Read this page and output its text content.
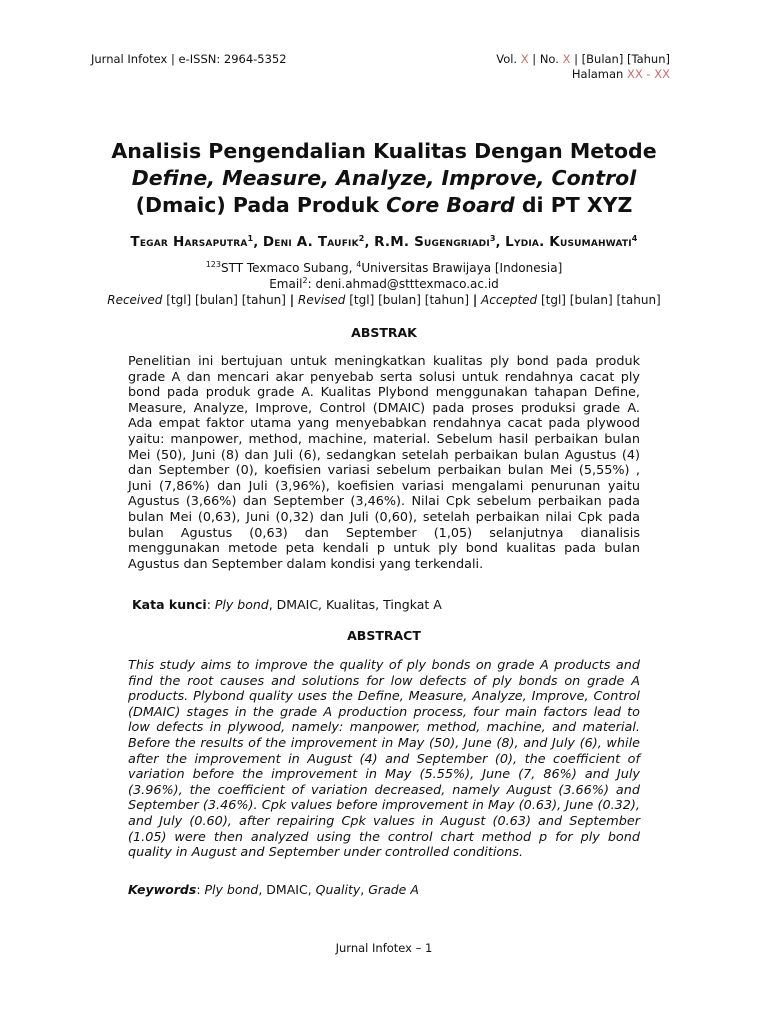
Jurnal Infotex | e-ISSN: 2964-5352	Vol. X | No. X | [Bulan] [Tahun]
Halaman XX - XX
Analisis Pengendalian Kualitas Dengan Metode
Define, Measure, Analyze, Improve, Control
(Dmaic) Pada Produk Core Board di PT XYZ
Tegar Harsaputra$^1$, Deni A. Taufik$^2$, R.M. Sugengriadi$^3$, Lydia. Kusumahwati$^4$
$^{123}$STT Texmaco Subang, $^4$Universitas Brawijaya [Indonesia]
Email$^2$: deni.ahmad@stttexmaco.ac.id
Received [tgl] [bulan] [tahun] | Revised [tgl] [bulan] [tahun] | Accepted [tgl] [bulan] [tahun]
ABSTRAK
Penelitian ini bertujuan untuk meningkatkan kualitas ply bond pada produk grade A dan mencari akar penyebab serta solusi untuk rendahnya cacat ply bond pada produk grade A. Kualitas Plybond menggunakan tahapan Define, Measure, Analyze, Improve, Control (DMAIC) pada proses produksi grade A. Ada empat faktor utama yang menyebabkan rendahnya cacat pada plywood yaitu: manpower, method, machine, material. Sebelum hasil perbaikan bulan Mei (50), Juni (8) dan Juli (6), sedangkan setelah perbaikan bulan Agustus (4) dan September (0), koefisien variasi sebelum perbaikan bulan Mei (5,55%) , Juni (7,86%) dan Juli (3,96%), koefisien variasi mengalami penurunan yaitu Agustus (3,66%) dan September (3,46%). Nilai Cpk sebelum perbaikan pada bulan Mei (0,63), Juni (0,32) dan Juli (0,60), setelah perbaikan nilai Cpk pada bulan Agustus (0,63) dan September (1,05) selanjutnya dianalisis menggunakan metode peta kendali p untuk ply bond kualitas pada bulan Agustus dan September dalam kondisi yang terkendali.
Kata kunci: Ply bond, DMAIC, Kualitas, Tingkat A
ABSTRACT
This study aims to improve the quality of ply bonds on grade A products and find the root causes and solutions for low defects of ply bonds on grade A products. Plybond quality uses the Define, Measure, Analyze, Improve, Control (DMAIC) stages in the grade A production process, four main factors lead to low defects in plywood, namely: manpower, method, machine, and material. Before the results of the improvement in May (50), June (8), and July (6), while after the improvement in August (4) and September (0), the coefficient of variation before the improvement in May (5.55%), June (7, 86%) and July (3.96%), the coefficient of variation decreased, namely August (3.66%) and September (3.46%). Cpk values before improvement in May (0.63), June (0.32), and July (0.60), after repairing Cpk values in August (0.63) and September (1.05) were then analyzed using the control chart method p for ply bond quality in August and September under controlled conditions.
Keywords: Ply bond, DMAIC, Quality, Grade A
Jurnal Infotex – 1
